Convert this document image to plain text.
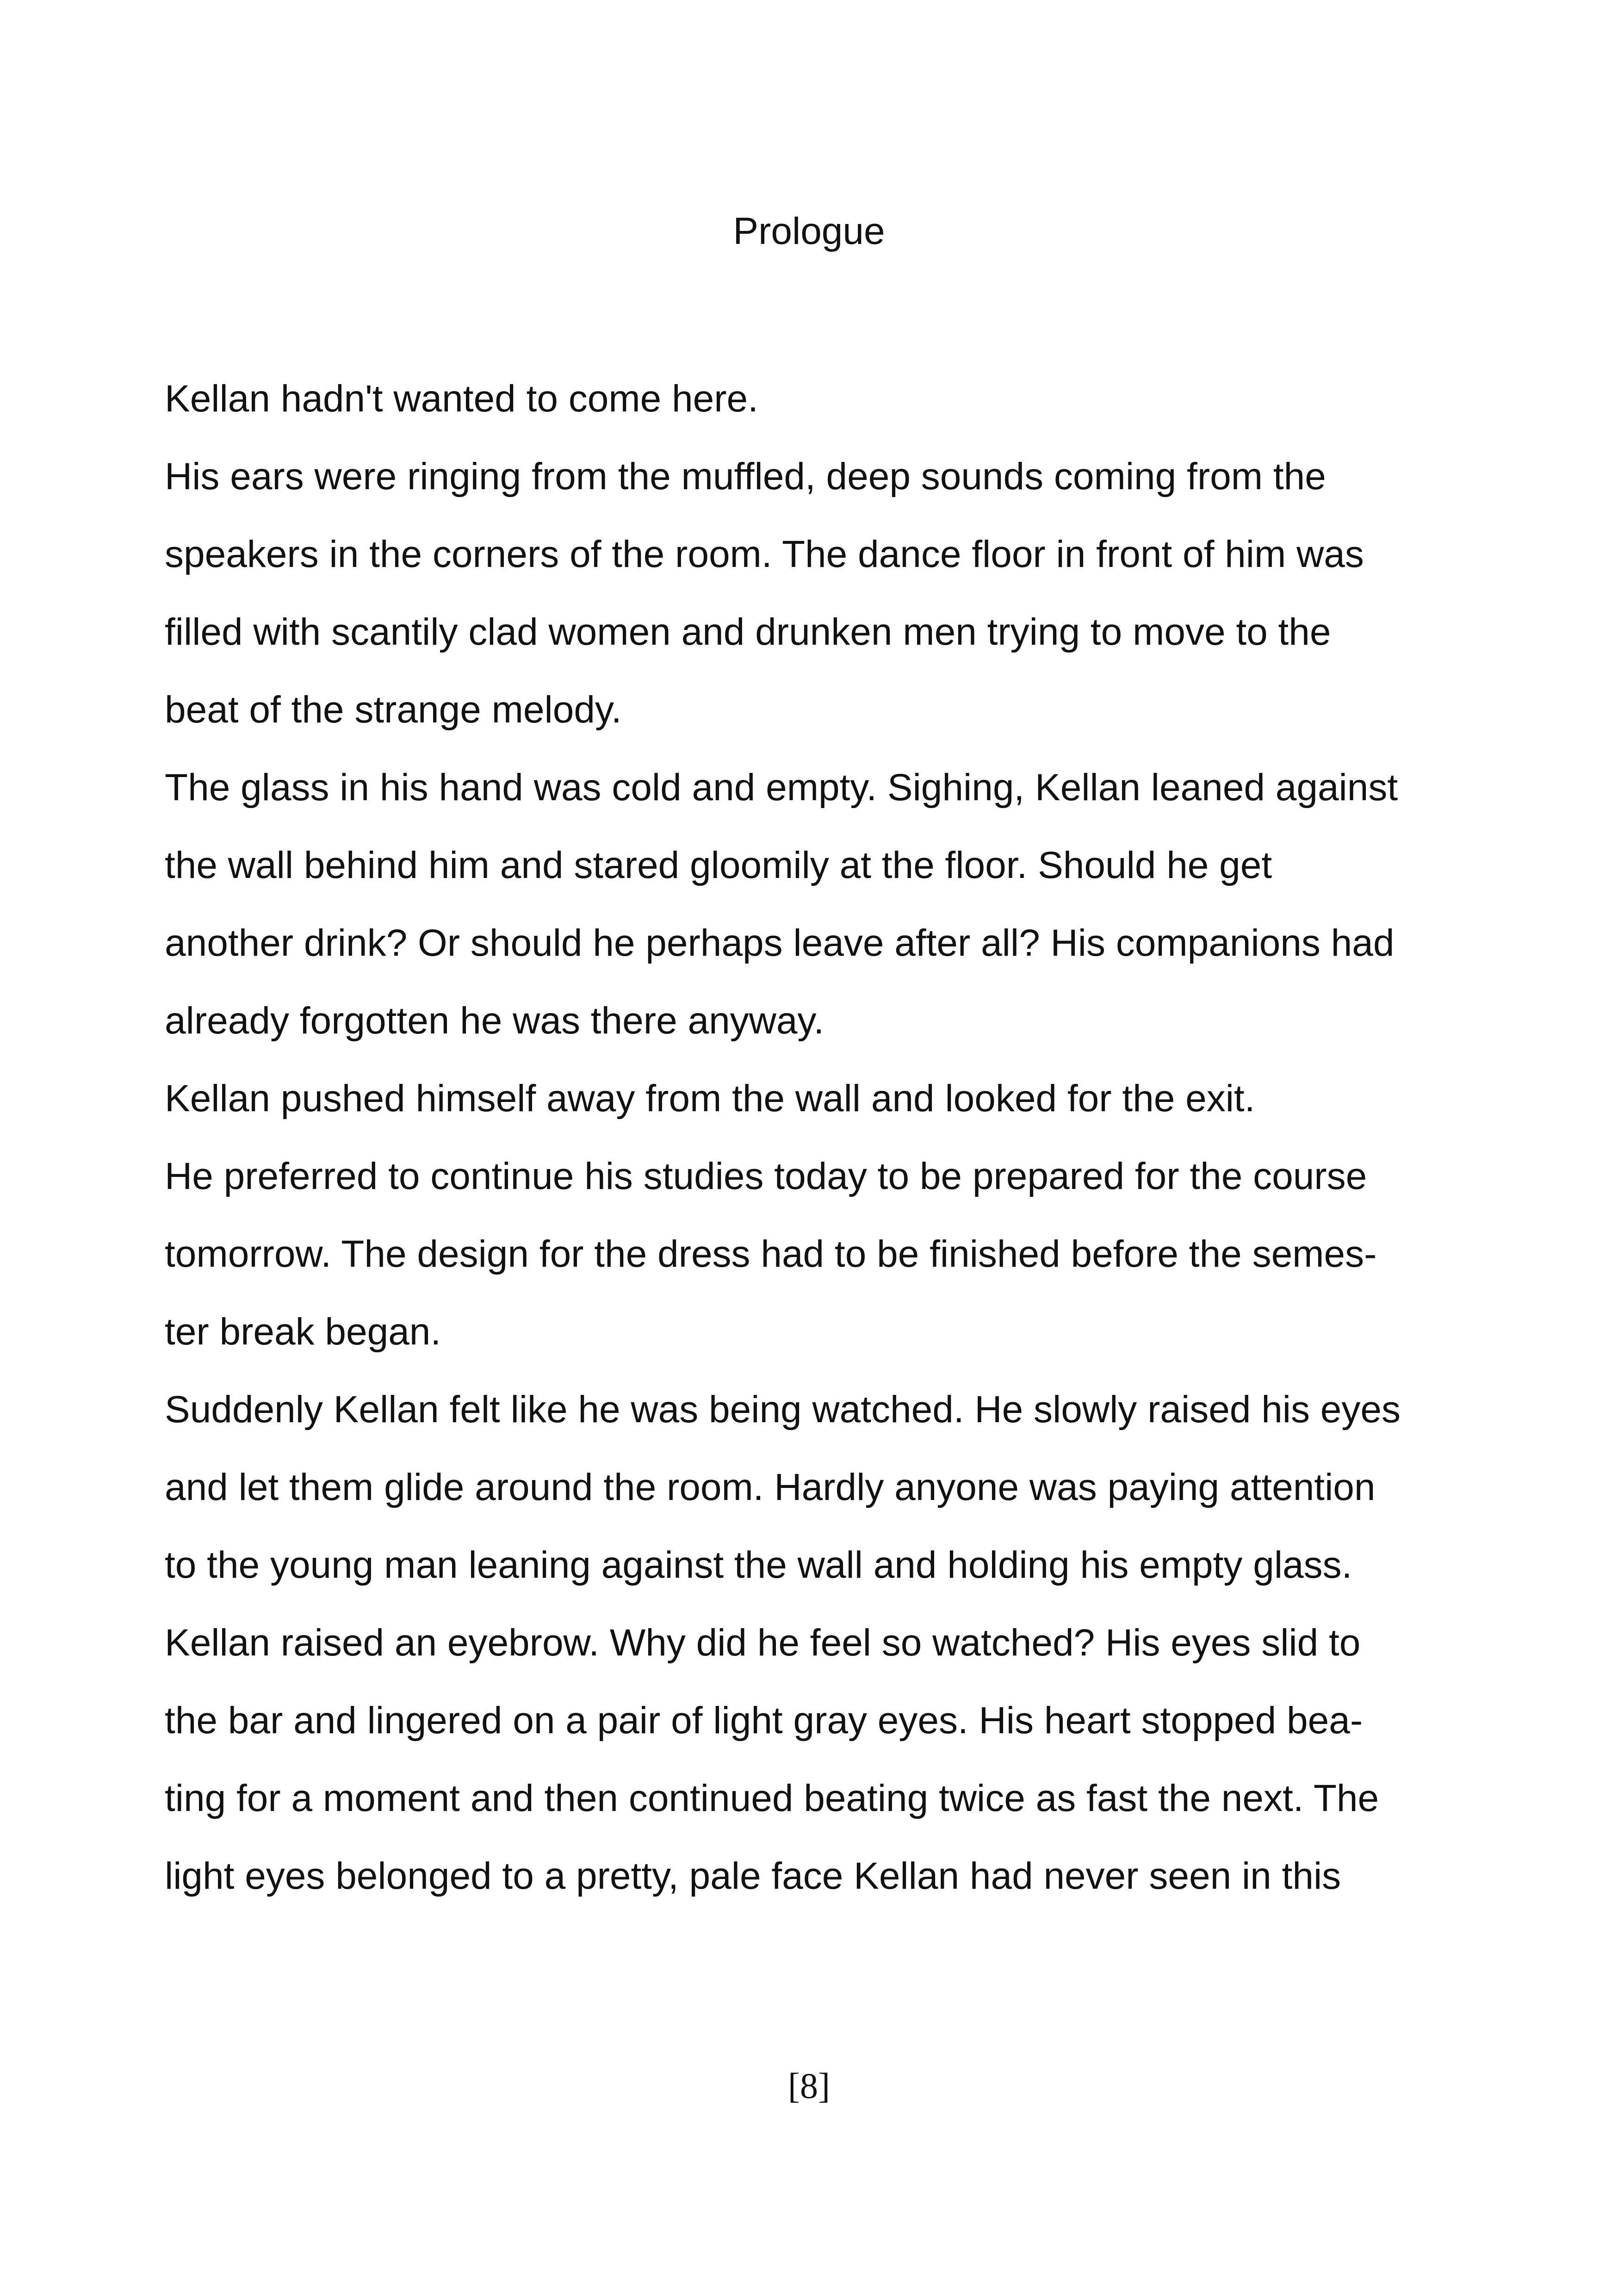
Prologue
Kellan hadn't wanted to come here.
His ears were ringing from the muffled, deep sounds coming from the
speakers in the corners of the room. The dance floor in front of him was
filled with scantily clad women and drunken men trying to move to the
beat of the strange melody.
The glass in his hand was cold and empty. Sighing, Kellan leaned against
the wall behind him and stared gloomily at the floor. Should he get
another drink? Or should he perhaps leave after all? His companions had
already forgotten he was there anyway.
Kellan pushed himself away from the wall and looked for the exit.
He preferred to continue his studies today to be prepared for the course
tomorrow. The design for the dress had to be finished before the semes-
ter break began.
Suddenly Kellan felt like he was being watched. He slowly raised his eyes
and let them glide around the room. Hardly anyone was paying attention
to the young man leaning against the wall and holding his empty glass.
Kellan raised an eyebrow. Why did he feel so watched? His eyes slid to
the bar and lingered on a pair of light gray eyes. His heart stopped bea-
ting for a moment and then continued beating twice as fast the next. The
light eyes belonged to a pretty, pale face Kellan had never seen in this
[8]
